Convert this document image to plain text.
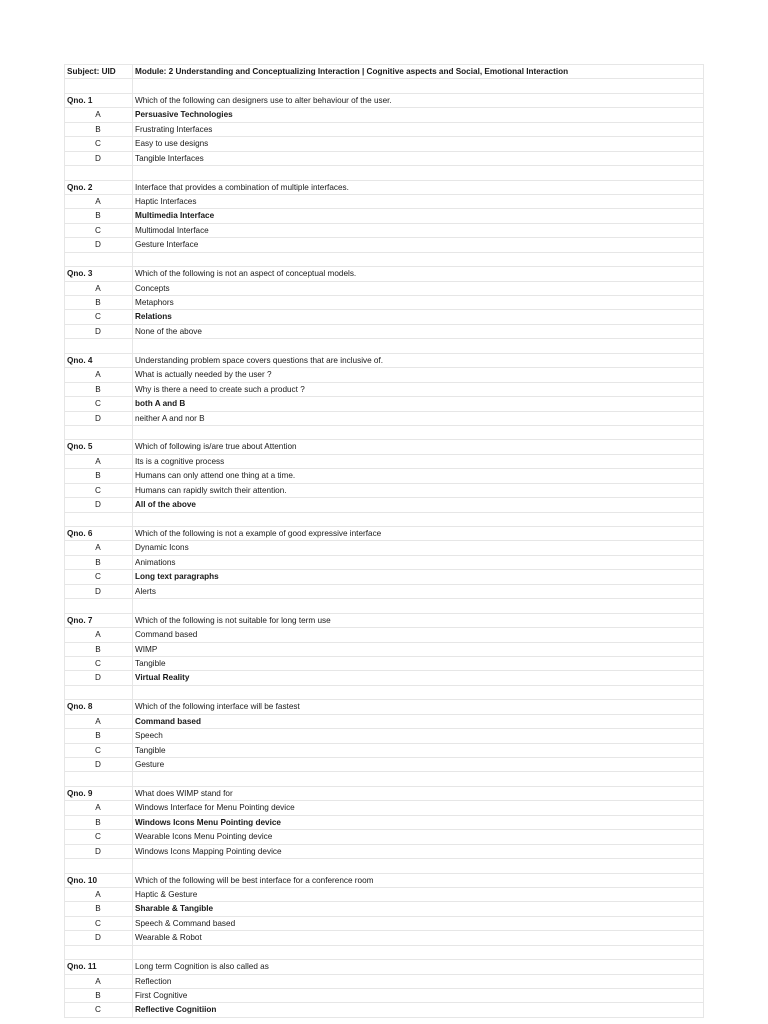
Subject: UID	Module: 2 Understanding and Conceptualizing Interaction | Cognitive aspects and Social, Emotional Interaction
Qno. 1	Which of the following can designers use to alter behaviour of the user.
A	Persuasive Technologies
B	Frustrating Interfaces
C	Easy to use designs
D	Tangible Interfaces
Qno. 2	Interface that provides a combination of multiple interfaces.
A	Haptic Interfaces
B	Multimedia Interface
C	Multimodal Interface
D	Gesture Interface
Qno. 3	Which of the following is not an aspect of conceptual models.
A	Concepts
B	Metaphors
C	Relations
D	None of the above
Qno. 4	Understanding problem space covers questions that are inclusive of.
A	What is actually needed by the user ?
B	Why is there a need to create such a product ?
C	both A and B
D	neither A and nor B
Qno. 5	Which of following is/are true about Attention
A	Its is a cognitive process
B	Humans can only attend one thing at a time.
C	Humans can rapidly switch their attention.
D	All of the above
Qno. 6	Which of the following is not a example of good expressive interface
A	Dynamic Icons
B	Animations
C	Long text paragraphs
D	Alerts
Qno. 7	Which of the following is not suitable for long term use
A	Command based
B	WIMP
C	Tangible
D	Virtual Reality
Qno. 8	Which of the following interface will be fastest
A	Command based
B	Speech
C	Tangible
D	Gesture
Qno. 9	What does WIMP stand for
A	Windows Interface for Menu Pointing device
B	Windows Icons Menu Pointing device
C	Wearable Icons Menu Pointing device
D	Windows Icons Mapping Pointing device
Qno. 10	Which of the following will be best interface for a conference room
A	Haptic & Gesture
B	Sharable & Tangible
C	Speech & Command based
D	Wearable & Robot
Qno. 11	Long term Cognition is also called as
A	Reflection
B	First Cognitive
C	Reflective Cognitiion
